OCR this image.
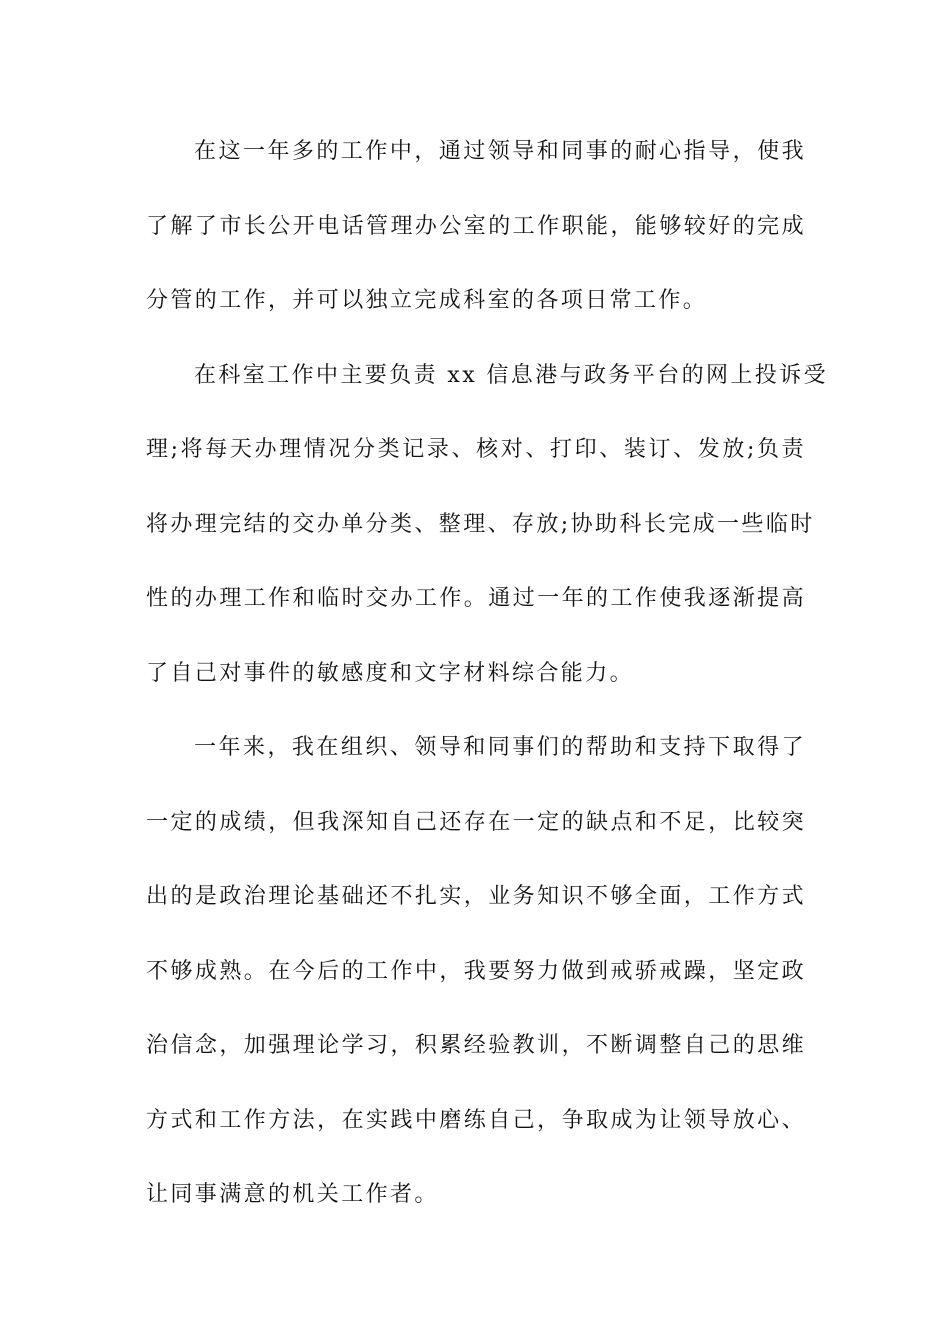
在这一年多的工作中，通过领导和同事的耐心指导，使我
了解了市长公开电话管理办公室的工作职能，能够较好的完成
分管的工作，并可以独立完成科室的各项日常工作。
在科室工作中主要负责 xx 信息港与政务平台的网上投诉受
理;将每天办理情况分类记录、核对、打印、装订、发放;负责
将办理完结的交办单分类、整理、存放;协助科长完成一些临时
性的办理工作和临时交办工作。通过一年的工作使我逐渐提高
了自己对事件的敏感度和文字材料综合能力。
一年来，我在组织、领导和同事们的帮助和支持下取得了
一定的成绩，但我深知自己还存在一定的缺点和不足，比较突
出的是政治理论基础还不扎实，业务知识不够全面，工作方式
不够成熟。在今后的工作中，我要努力做到戒骄戒躁，坚定政
治信念，加强理论学习，积累经验教训，不断调整自己的思维
方式和工作方法，在实践中磨练自己，争取成为让领导放心、
让同事满意的机关工作者。
